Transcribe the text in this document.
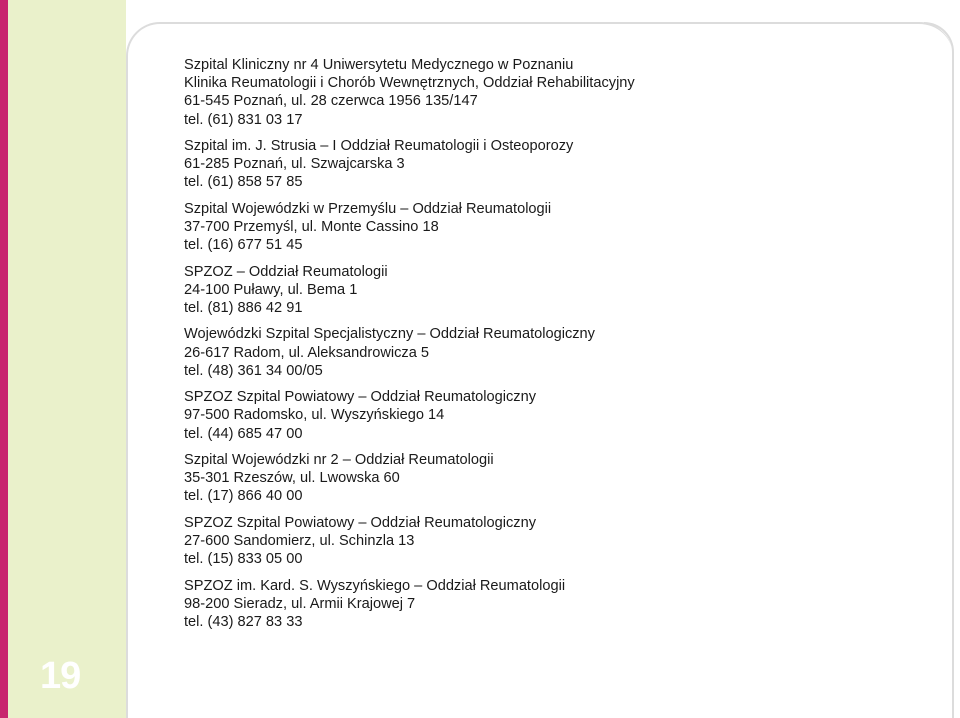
19
Szpital Kliniczny nr 4 Uniwersytetu Medycznego w Poznaniu
Klinika Reumatologii i Chorób Wewnętrznych, Oddział Rehabilitacyjny
61-545 Poznań, ul. 28 czerwca 1956 135/147
tel. (61) 831 03 17
Szpital im. J. Strusia – I Oddział Reumatologii i Osteoporozy
61-285 Poznań, ul. Szwajcarska 3
tel. (61) 858 57 85
Szpital Wojewódzki w Przemyślu – Oddział Reumatologii
37-700 Przemyśl, ul. Monte Cassino 18
tel. (16) 677 51 45
SPZOZ – Oddział Reumatologii
24-100 Puławy, ul. Bema 1
tel. (81) 886 42 91
Wojewódzki Szpital Specjalistyczny – Oddział Reumatologiczny
26-617 Radom, ul. Aleksandrowicza 5
tel. (48) 361 34 00/05
SPZOZ Szpital Powiatowy – Oddział Reumatologiczny
97-500 Radomsko, ul. Wyszyńskiego 14
tel. (44) 685 47 00
Szpital Wojewódzki nr 2 – Oddział Reumatologii
35-301 Rzeszów, ul. Lwowska 60
tel. (17) 866 40 00
SPZOZ Szpital Powiatowy – Oddział Reumatologiczny
27-600 Sandomierz, ul. Schinzla 13
tel. (15) 833 05 00
SPZOZ im. Kard. S. Wyszyńskiego – Oddział Reumatologii
98-200 Sieradz, ul. Armii Krajowej 7
tel. (43) 827 83 33
